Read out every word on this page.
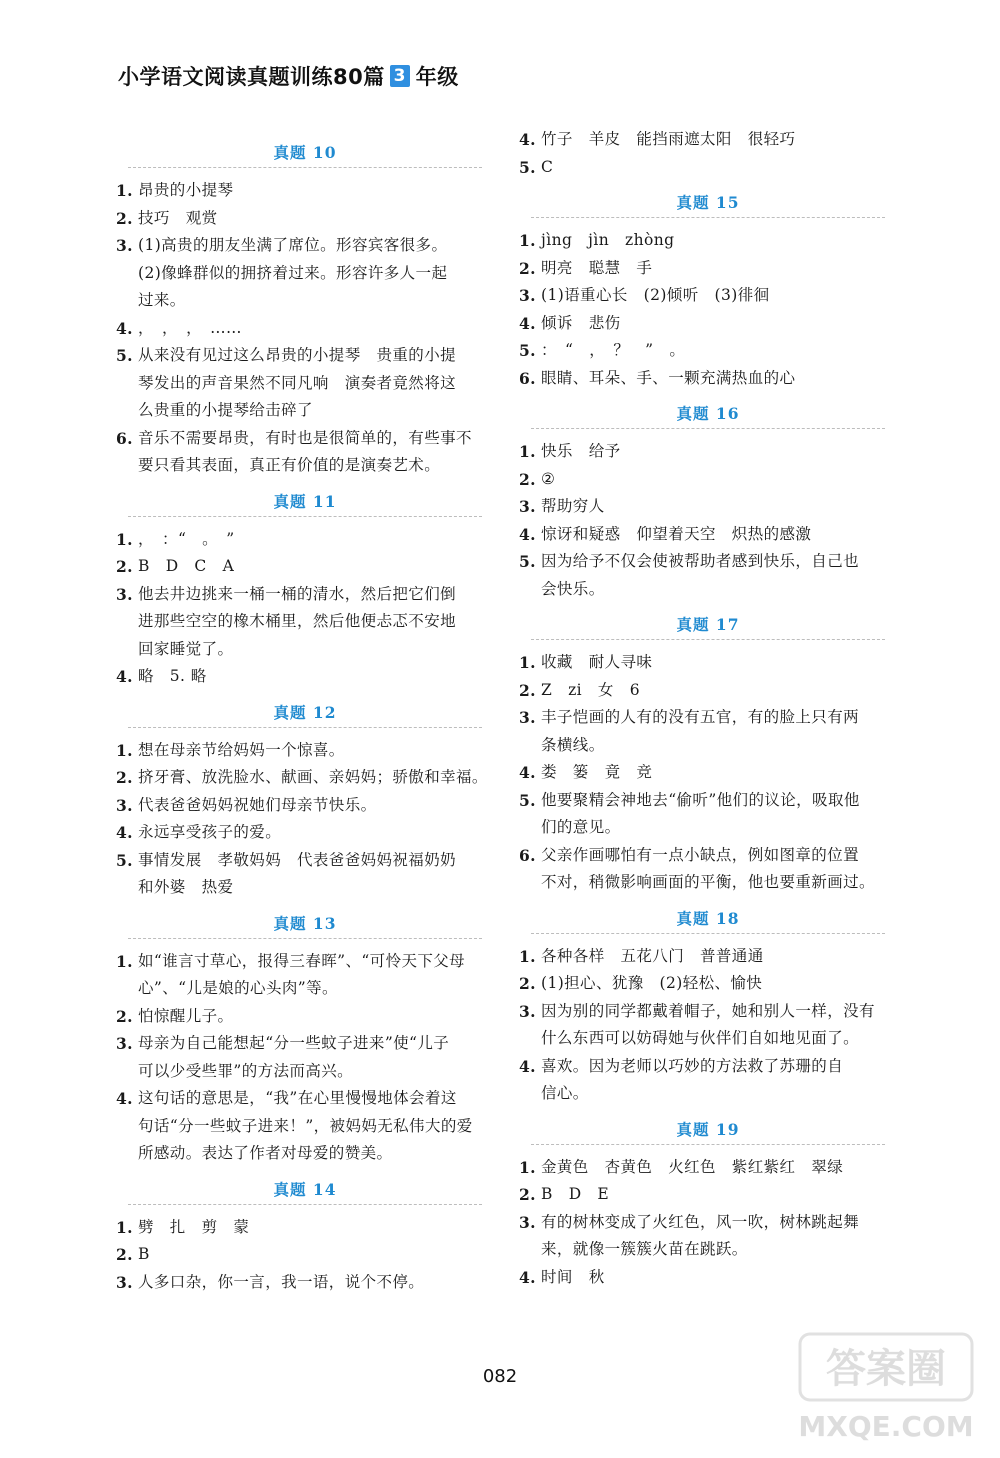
小学语文阅读真题训练80篇 3 年级
真题 10
1. 昂贵的小提琴
2. 技巧　观赏
3. (1)高贵的朋友坐满了席位。形容宾客很多。
(2)像蜂群似的拥挤着过来。形容许多人一起
过来。
4. ，　，　，　……
5. 从来没有见过这么昂贵的小提琴　贵重的小提
琴发出的声音果然不同凡响　演奏者竟然将这
么贵重的小提琴给击碎了
6. 音乐不需要昂贵，有时也是很简单的，有些事不
要只看其表面，真正有价值的是演奏艺术。
真题 11
1. ，　：“　。　”
2. B　D　C　A
3. 他去井边挑来一桶一桶的清水，然后把它们倒
进那些空空的橡木桶里，然后他便忐忑不安地
回家睡觉了。
4. 略　5. 略
真题 12
1. 想在母亲节给妈妈一个惊喜。
2. 挤牙膏、放洗脸水、献画、亲妈妈；骄傲和幸福。
3. 代表爸爸妈妈祝她们母亲节快乐。
4. 永远享受孩子的爱。
5. 事情发展　孝敬妈妈　代表爸爸妈妈祝福奶奶
和外婆　热爱
真题 13
1. 如“谁言寸草心，报得三春晖”、“可怜天下父母
心”、“儿是娘的心头肉”等。
2. 怕惊醒儿子。
3. 母亲为自己能想起“分一些蚊子进来”使“儿子
可以少受些罪”的方法而高兴。
4. 这句话的意思是，“我”在心里慢慢地体会着这
句话“分一些蚊子进来！”，被妈妈无私伟大的爱
所感动。表达了作者对母爱的赞美。
真题 14
1. 劈　扎　剪　蒙
2. B
3. 人多口杂，你一言，我一语，说个不停。
4. 竹子　羊皮　能挡雨遮太阳　很轻巧
5. C
真题 15
1. jìng　jìn　zhòng
2. 明亮　聪慧　手
3. (1)语重心长　(2)倾听　(3)徘徊
4. 倾诉　悲伤
5. ：　“　，　？　”　。
6. 眼睛、耳朵、手、一颗充满热血的心
真题 16
1. 快乐　给予
2. ②
3. 帮助穷人
4. 惊讶和疑惑　仰望着天空　炽热的感激
5. 因为给予不仅会使被帮助者感到快乐，自己也
会快乐。
真题 17
1. 收藏　耐人寻味
2. Z　zi　女　6
3. 丰子恺画的人有的没有五官，有的脸上只有两
条横线。
4. 娄　篓　竟　竞
5. 他要聚精会神地去“偷听”他们的议论，吸取他
们的意见。
6. 父亲作画哪怕有一点小缺点，例如图章的位置
不对，稍微影响画面的平衡，他也要重新画过。
真题 18
1. 各种各样　五花八门　普普通通
2. (1)担心、犹豫　(2)轻松、愉快
3. 因为别的同学都戴着帽子，她和别人一样，没有
什么东西可以妨碍她与伙伴们自如地见面了。
4. 喜欢。因为老师以巧妙的方法救了苏珊的自
信心。
真题 19
1. 金黄色　杏黄色　火红色　紫红紫红　翠绿
2. B　D　E
3. 有的树林变成了火红色，风一吹，树林跳起舞
来，就像一簇簇火苗在跳跃。
4. 时间　秋
082	答案圈
MXQE.COM
